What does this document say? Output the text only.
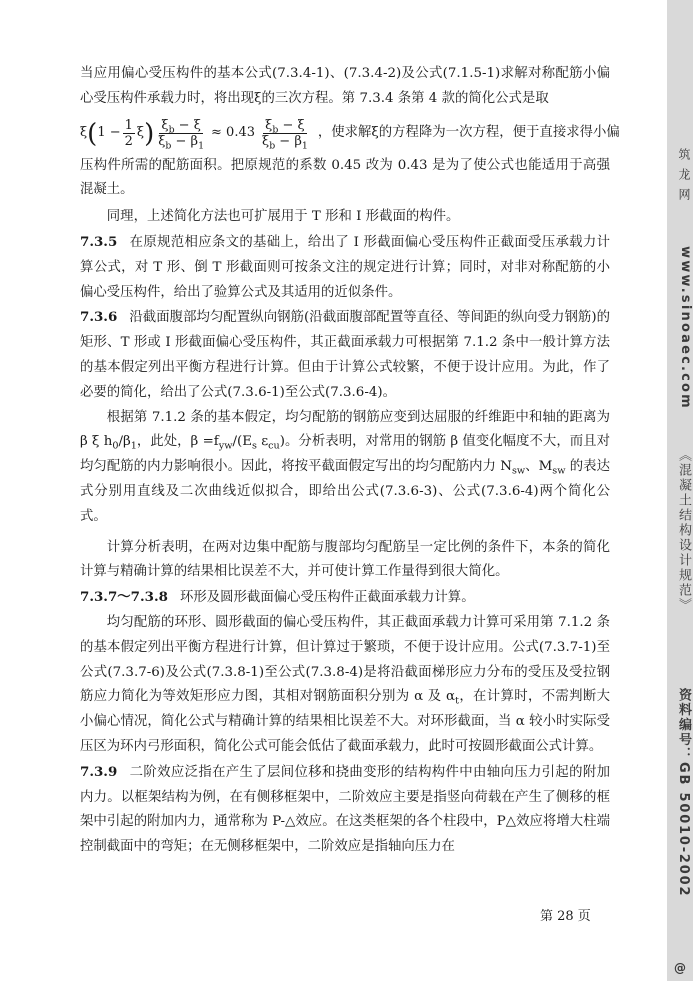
当应用偏心受压构件的基本公式(7.3.4-1)、(7.3.4-2)及公式(7.1.5-1)求解对称配筋小偏心受压构件承载力时，将出现ξ的三次方程。第 7.3.4 条第 4 款的简化公式是取

ξ ( $1 - \frac{1}{2}$ ξ ) $\frac{\xi_b - \xi}{\xi_b - \beta_1} \approx 0.43 \frac{\xi_b - \xi}{\xi_b - \beta_1}$ ，使求解ξ的方程降为一次方程，便于直接求得小偏

压构件所需的配筋面积。把原规范的系数 0.45 改为 0.43 是为了使公式也能适用于高强混凝土。

同理，上述简化方法也可扩展用于 T 形和 I 形截面的构件。

7.3.5 在原规范相应条文的基础上，给出了 I 形截面偏心受压构件正截面受压承载力计算公式，对 T 形、倒 T 形截面则可按条文注的规定进行计算；同时，对非对称配筋的小偏心受压构件，给出了验算公式及其适用的近似条件。

7.3.6 沿截面腹部均匀配置纵向钢筋(沿截面腹部配置等直径、等间距的纵向受力钢筋)的矩形、T 形或 I 形截面偏心受压构件，其正截面承载力可根据第 7.1.2 条中一般计算方法的基本假定列出平衡方程进行计算。但由于计算公式较繁，不便于设计应用。为此，作了必要的简化，给出了公式(7.3.6-1)至公式(7.3.6-4)。

根据第 7.1.2 条的基本假定，均匀配筋的钢筋应变到达屈服的纤维距中和轴的距离为 β ξ $h_0/\beta_1$，此处，$\beta =f_{yw}/(E_s$ $\varepsilon_{cu}$)。分析表明，对常用的钢筋 β 值变化幅度不大，而且对均匀配筋的内力影响很小。因此，将按平截面假定写出的均匀配筋内力 $N_{sw}$、$M_{sw}$ 的表达式分别用直线及二次曲线近似拟合，即给出公式(7.3.6-3)、公式(7.3.6-4)两个简化公式。

计算分析表明，在两对边集中配筋与腹部均匀配筋呈一定比例的条件下，本条的简化计算与精确计算的结果相比误差不大，并可使计算工作量得到很大简化。

7.3.7～7.3.8 环形及圆形截面偏心受压构件正截面承载力计算。

均匀配筋的环形、圆形截面的偏心受压构件，其正截面承载力计算可采用第 7.1.2 条的基本假定列出平衡方程进行计算，但计算过于繁琐，不便于设计应用。公式(7.3.7-1)至公式(7.3.7-6)及公式(7.3.8-1)至公式(7.3.8-4)是将沿截面梯形应力分布的受压及受拉钢筋应力简化为等效矩形应力图，其相对钢筋面积分别为 α 及 $\alpha_t$，在计算时，不需判断大小偏心情况，简化公式与精确计算的结果相比误差不大。对环形截面，当 α 较小时实际受压区为环内弓形面积，简化公式可能会低估了截面承载力，此时可按圆形截面公式计算。

7.3.9 二阶效应泛指在产生了层间位移和挠曲变形的结构构件中由轴向压力引起的附加内力。以框架结构为例，在有侧移框架中，二阶效应主要是指竖向荷载在产生了侧移的框架中引起的附加内力，通常称为 P-△效应。在这类框架的各个柱段中，P△效应将增大柱端控制截面中的弯矩；在无侧移框架中，二阶效应是指轴向压力在

第 28 页
筑龙网
www.sinoaec.com
《混凝土结构设计规范》
资料编号：GB 50010-2002
@
